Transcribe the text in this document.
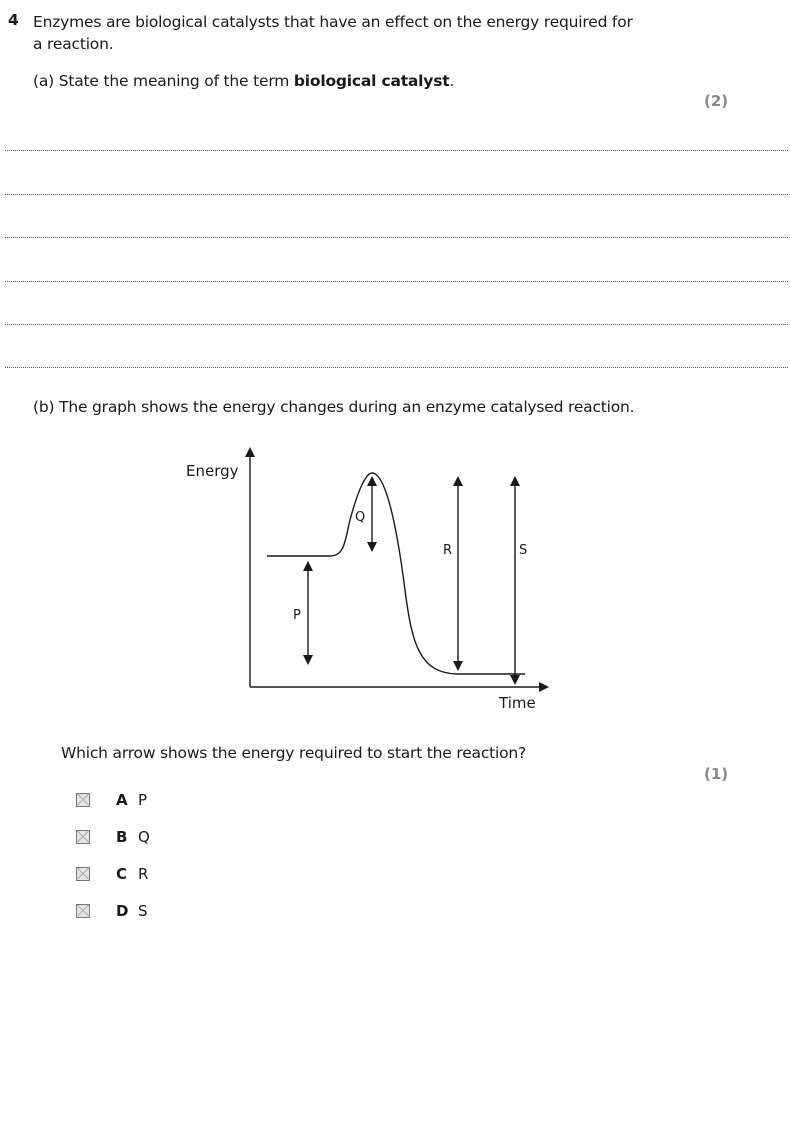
4 Enzymes are biological catalysts that have an effect on the energy required for
a reaction.
(a) State the meaning of the term biological catalyst.
(2)
(b) The graph shows the energy changes during an enzyme catalysed reaction.
Energy
Time
P
Q
R	S
Which arrow shows the energy required to start the reaction?
(1)
A P
B Q
C R
D S
